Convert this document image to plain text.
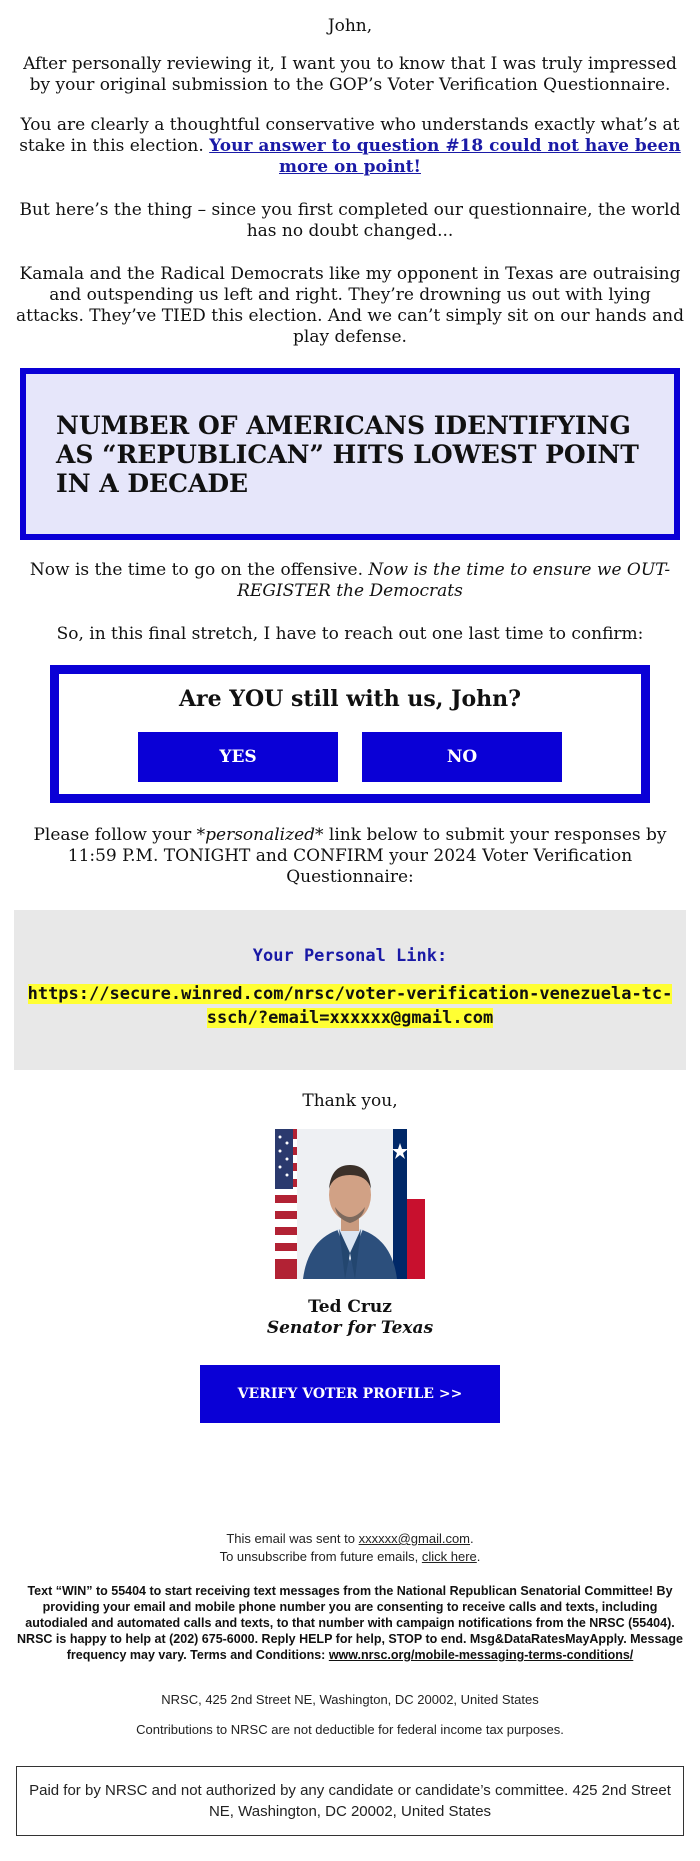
John,

After personally reviewing it, I want you to know that I was truly impressed by your original submission to the GOP’s Voter Verification Questionnaire.

You are clearly a thoughtful conservative who understands exactly what’s at stake in this election. Your answer to question #18 could not have been more on point!

But here’s the thing – since you first completed our questionnaire, the world has no doubt changed...

Kamala and the Radical Democrats like my opponent in Texas are outraising and outspending us left and right. They’re drowning us out with lying attacks. They’ve TIED this election. And we can’t simply sit on our hands and play defense.

NUMBER OF AMERICANS IDENTIFYING AS “REPUBLICAN” HITS LOWEST POINT IN A DECADE

Now is the time to go on the offensive. Now is the time to ensure we OUT-REGISTER the Democrats

So, in this final stretch, I have to reach out one last time to confirm:

Are YOU still with us, John?

YES	NO

Please follow your *personalized* link below to submit your responses by 11:59 P.M. TONIGHT and CONFIRM your 2024 Voter Verification Questionnaire:

Your Personal Link:

https://secure.winred.com/nrsc/voter-verification-venezuela-tc-ssch/?email=xxxxxx@gmail.com

Thank you,

Ted Cruz

Senator for Texas

VERIFY VOTER PROFILE >>
This email was sent to xxxxxx@gmail.com.
To unsubscribe from future emails, click here.
Text “WIN” to 55404 to start receiving text messages from the National Republican Senatorial Committee! By providing your email and mobile phone number you are consenting to receive calls and texts, including autodialed and automated calls and texts, to that number with campaign notifications from the NRSC (55404). NRSC is happy to help at (202) 675-6000. Reply HELP for help, STOP to end. Msg&DataRatesMayApply. Message frequency may vary. Terms and Conditions: www.nrsc.org/mobile-messaging-terms-conditions/
NRSC, 425 2nd Street NE, Washington, DC 20002, United States
Contributions to NRSC are not deductible for federal income tax purposes.
Paid for by NRSC and not authorized by any candidate or candidate’s committee. 425 2nd Street NE, Washington, DC 20002, United States
